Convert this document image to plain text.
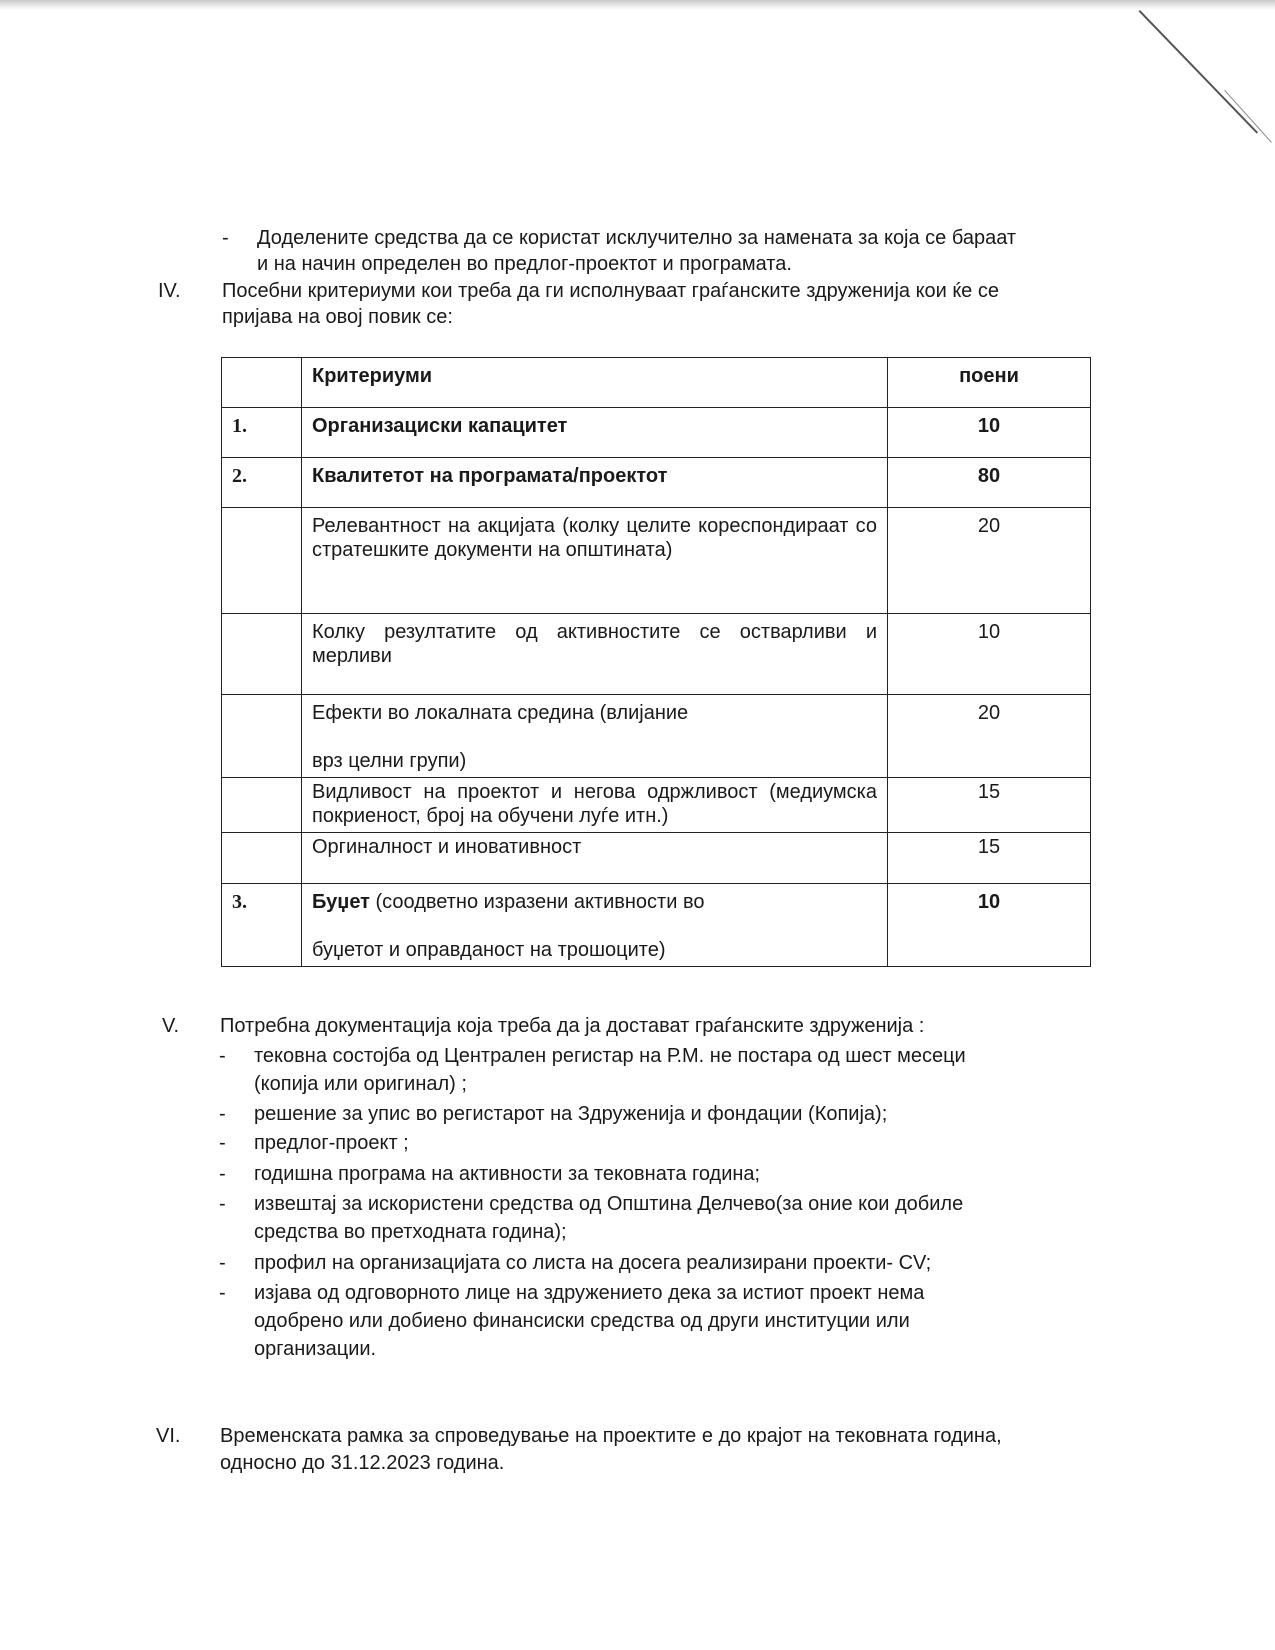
- Доделените средства да се користат исклучително за намената за која се бараат
и на начин определен во предлог-проектот и програмата.
IV. Посебни критериуми кои треба да ги исполнуваат граѓанските здруженија кои ќе се
пријава на овој повик се:
	Критериуми	поени
1.	Организациски капацитет	10
2.	Квалитетот на програмата/проектот	80
	Релевантност на акцијата (колку целите кореспондираат со стратешките документи на општината)	20
	Колку резултатите од активностите се остварливи и мерливи	10

	Ефекти во локалната средина (влијание
врз целни групи)	20
	Видливост на проектот и негова одржливост (медиумска покриеност, број на обучени луѓе итн.)	15
	Оргиналност и иновативност	15
3.	Буџет (соодветно изразени активности во
буџетот и оправданост на трошоците)	10
V. Потребна документација која треба да ја достават граѓанските здруженија :
- тековна состојба од Централен регистар на Р.М. не постара од шест месеци
(копија или оригинал) ;
- решение за упис во регистарот на Здруженија и фондации (Копија);
- предлог-проект ;
- годишна програма на активности за тековната година;
- извештај за искористени средства од Општина Делчево(за оние кои добиле
средства во претходната година);
- профил на организацијата со листа на досега реализирани проекти- CV;
- изјава од одговорното лице на здружението дека за истиот проект нема
одобрено или добиено финансиски средства од други институции или
организации.
VI. Временската рамка за спроведување на проектите е до крајот на тековната година,
односно до 31.12.2023 година.
